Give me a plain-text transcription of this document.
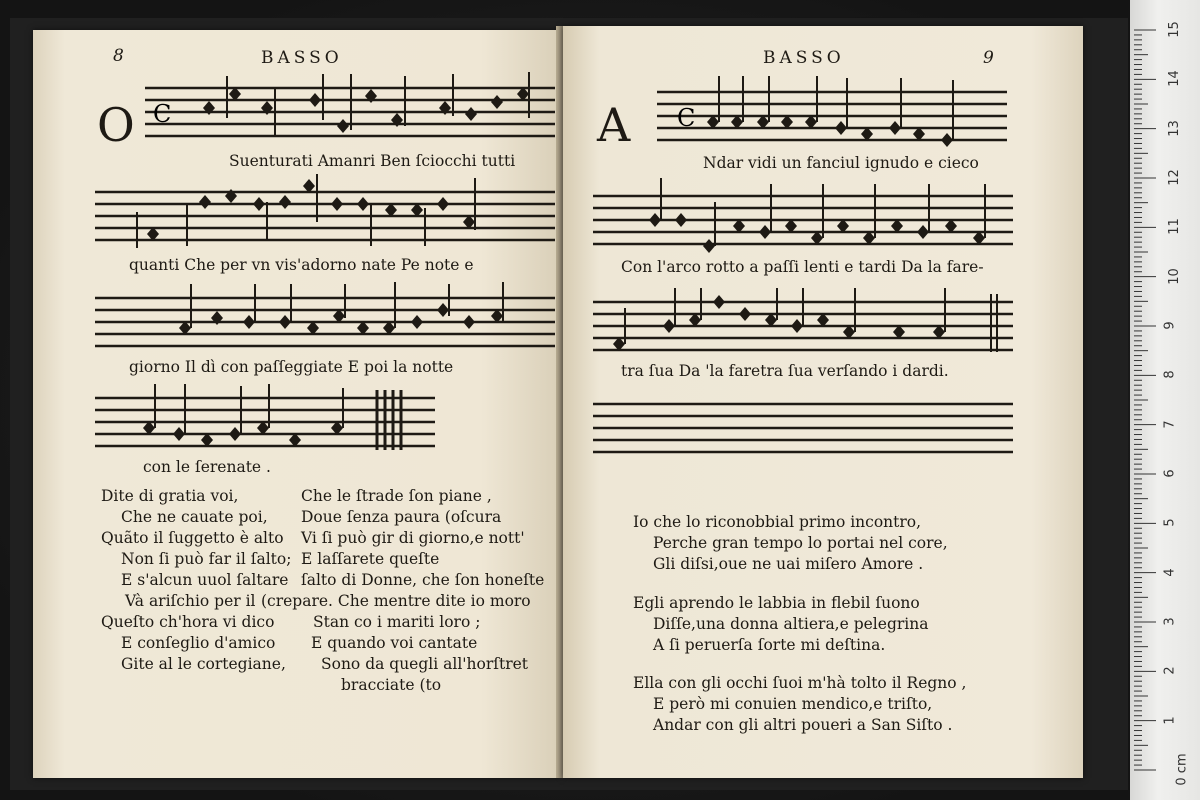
8	BASSO
O C
Suenturati Amanri Ben ſciocchi tutti
quanti Che per vn vis'adorno nate Pe note e
giorno Il dì con paſſeggiate E poi la notte
con le ſerenate .
Dite di gratia voi,
Che ne cauate poi,
Quãto il ſuggetto è alto
Non ſi può far il ſalto;
E s'alcun uuol ſaltare
Và ariſchio per il
Queſto ch'hora vi dico
E conſeglio d'amico
Gite al le cortegiane,
Che le ſtrade ſon piane ,
Doue ſenza paura (oſcura
Vi ſi può gir di giorno,e nott'
E laſſarete queſte
ſalto di Donne, che ſon honeſte
(crepare. Che mentre dite io moro
Stan co i mariti loro ;
E quando voi cantate
Sono da quegli all'horſtret
bracciate (to
BASSO	9
A C
Ndar vidi un fanciul ignudo e cieco
Con l'arco rotto a paſſi lenti e tardi Da la fare-
tra ſua Da 'la faretra ſua verſando i dardi.
Io che lo riconobbial primo incontro,
Perche gran tempo lo portai nel core,
Gli diſsi,oue ne uai miſero Amore .
Egli aprendo le labbia in flebil ſuono
Diſſe,una donna altiera,e pelegrina
A ſi peruerſa ſorte mi deſtina.
Ella con gli occhi ſuoi m'hà tolto il Regno ,
E però mi conuien mendico,e triſto,
Andar con gli altri poueri a San Siſto .
0 cm
1
2
3
4
5
6
7
8
9
10
11
12
13
14
15
